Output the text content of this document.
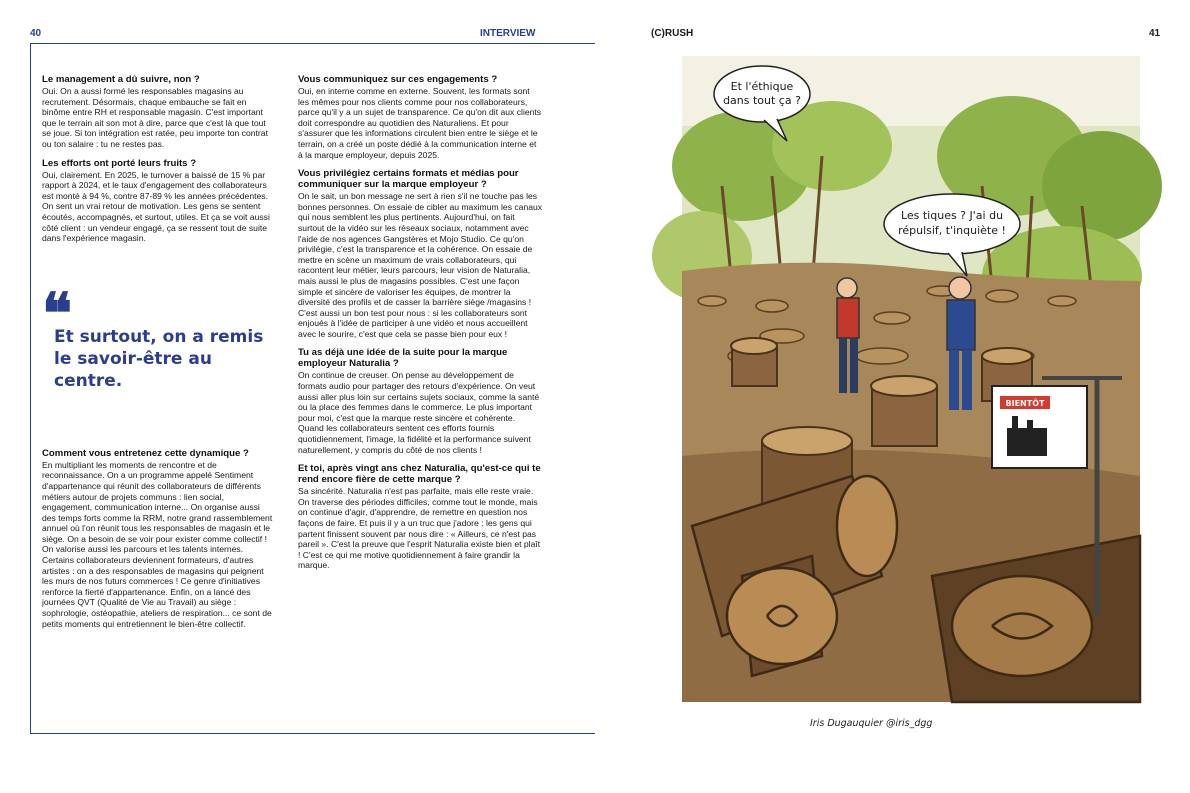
40	INTERVIEW	(C)RUSH	41
Le management a dû suivre, non ?
Oui. On a aussi formé les responsables magasins au recrutement. Désormais, chaque embauche se fait en binôme entre RH et responsable magasin. C'est important que le terrain ait son mot à dire, parce que c'est là que tout se joue. Si ton intégration est ratée, peu importe ton contrat ou ton salaire : tu ne restes pas.
Les efforts ont porté leurs fruits ?
Oui, clairement. En 2025, le turnover a baissé de 15 % par rapport à 2024, et le taux d'engagement des collaborateurs est monté à 94 %, contre 87-89 % les années précédentes. On sent un vrai retour de motivation. Les gens se sentent écoutés, accompagnés, et surtout, utiles. Et ça se voit aussi côté client : un vendeur engagé, ça se ressent tout de suite dans l'expérience magasin.
Comment vous entretenez cette dynamique ?
En multipliant les moments de rencontre et de reconnaissance. On a un programme appelé Sentiment d'appartenance qui réunit des collaborateurs de différents métiers autour de projets communs : lien social, engagement, communication interne... On organise aussi des temps forts comme la RRM, notre grand rassemblement annuel où l'on réunit tous les responsables de magasin et le siège. On a besoin de se voir pour exister comme collectif ! On valorise aussi les parcours et les talents internes. Certains collaborateurs deviennent formateurs, d'autres artistes : on a des responsables de magasins qui peignent les murs de nos futurs commerces ! Ce genre d'initiatives renforce la fierté d'appartenance. Enfin, on a lancé des journées QVT (Qualité de Vie au Travail) au siège : sophrologie, ostéopathie, ateliers de respiration... ce sont de petits moments qui entretiennent le bien-être collectif.
❝
Et surtout, on a remis le savoir-être au centre.
Vous communiquez sur ces engagements ?
Oui, en interne comme en externe. Souvent, les formats sont les mêmes pour nos clients comme pour nos collaborateurs, parce qu'il y a un sujet de transparence. Ce qu'on dit aux clients doit correspondre au quotidien des Naturaliens. Et pour s'assurer que les informations circulent bien entre le siège et le terrain, on a créé un poste dédié à la communication interne et à la marque employeur, depuis 2025.
Vous privilégiez certains formats et médias pour communiquer sur la marque employeur ?
On le sait, un bon message ne sert à rien s'il ne touche pas les bonnes personnes. On essaie de cibler au maximum les canaux qui nous semblent les plus pertinents. Aujourd'hui, on fait surtout de la vidéo sur les réseaux sociaux, notamment avec l'aide de nos agences Gangstères et Mojo Studio. Ce qu'on privilégie, c'est la transparence et la cohérence. On essaie de mettre en scène un maximum de vrais collaborateurs, qui racontent leur métier, leurs parcours, leur vision de Naturalia, mais aussi le plus de magasins possibles. C'est une façon simple et sincère de valoriser les équipes, de montrer la diversité des profils et de casser la barrière siège /magasins ! C'est aussi un bon test pour nous : si les collaborateurs sont enjoués à l'idée de participer à une vidéo et nous accueillent avec le sourire, c'est que cela se passe bien pour eux !
Tu as déjà une idée de la suite pour la marque employeur Naturalia ?
On continue de creuser. On pense au développement de formats audio pour partager des retours d'expérience. On veut aussi aller plus loin sur certains sujets sociaux, comme la santé ou la place des femmes dans le commerce. Le plus important pour moi, c'est que la marque reste sincère et cohérente. Quand les collaborateurs sentent ces efforts fournis quotidiennement, l'image, la fidélité et la performance suivent naturellement, y compris du côté de nos clients !
Et toi, après vingt ans chez Naturalia, qu'est-ce qui te rend encore fière de cette marque ?
Sa sincérité. Naturalia n'est pas parfaite, mais elle reste vraie. On traverse des périodes difficiles, comme tout le monde, mais on continue d'agir, d'apprendre, de remettre en question nos façons de faire. Et puis il y a un truc que j'adore : les gens qui partent finissent souvent par nous dire : « Ailleurs, ce n'est pas pareil ». C'est la preuve que l'esprit Naturalia existe bien et plaît ! C'est ce qui me motive quotidiennement à faire grandir la marque.
BIENTÔT
Et l'éthique
dans tout ça ?
Les tiques ? J'ai du
répulsif, t'inquiète !
Iris Dugauquier @iris_dgg
